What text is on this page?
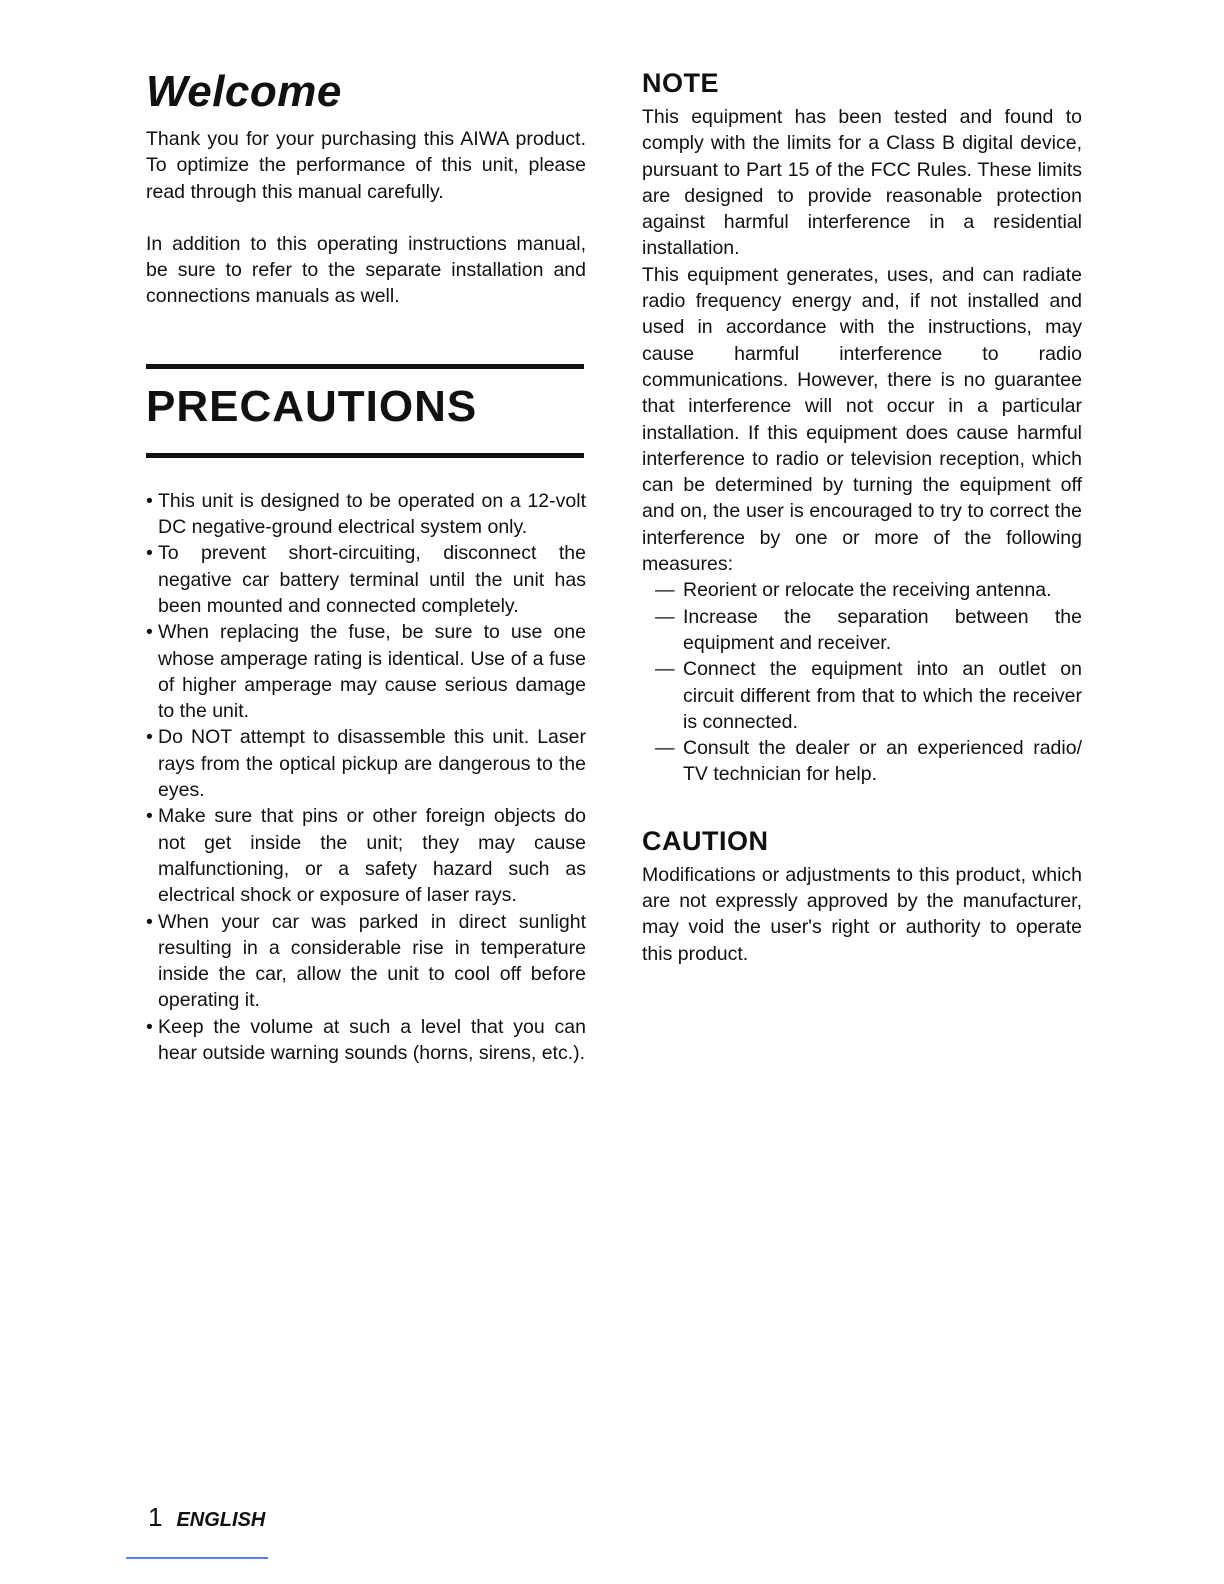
Welcome

Thank you for your purchasing this AIWA product. To optimize the performance of this unit, please read through this manual carefully.

In addition to this operating instructions manual, be sure to refer to the separate installation and connections manuals as well.

PRECAUTIONS
• This unit is designed to be operated on a 12-volt DC negative-ground electrical system only.
• To prevent short-circuiting, disconnect the negative car battery terminal until the unit has been mounted and connected completely.
• When replacing the fuse, be sure to use one whose amperage rating is identical. Use of a fuse of higher amperage may cause serious damage to the unit.
• Do NOT attempt to disassemble this unit. Laser rays from the optical pickup are dangerous to the eyes.
• Make sure that pins or other foreign objects do not get inside the unit; they may cause malfunctioning, or a safety hazard such as electrical shock or exposure of laser rays.
• When your car was parked in direct sunlight resulting in a considerable rise in temperature inside the car, allow the unit to cool off before operating it.
• Keep the volume at such a level that you can hear outside warning sounds (horns, sirens, etc.).
NOTE

This equipment has been tested and found to comply with the limits for a Class B digital device, pursuant to Part 15 of the FCC Rules. These limits are designed to provide reasonable protection against harmful interference in a residential installation.

This equipment generates, uses, and can radiate radio frequency energy and, if not installed and used in accordance with the instructions, may cause harmful interference to radio communications. However, there is no guarantee that interference will not occur in a particular installation. If this equipment does cause harmful interference to radio or television reception, which can be determined by turning the equipment off and on, the user is encouraged to try to correct the interference by one or more of the following measures:

— Reorient or relocate the receiving antenna.
— Increase the separation between the equipment and receiver.
— Connect the equipment into an outlet on circuit different from that to which the receiver is connected.
— Consult the dealer or an experienced radio/ TV technician for help.
CAUTION

Modifications or adjustments to this product, which are not expressly approved by the manufacturer, may void the user's right or authority to operate this product.

1 ENGLISH
